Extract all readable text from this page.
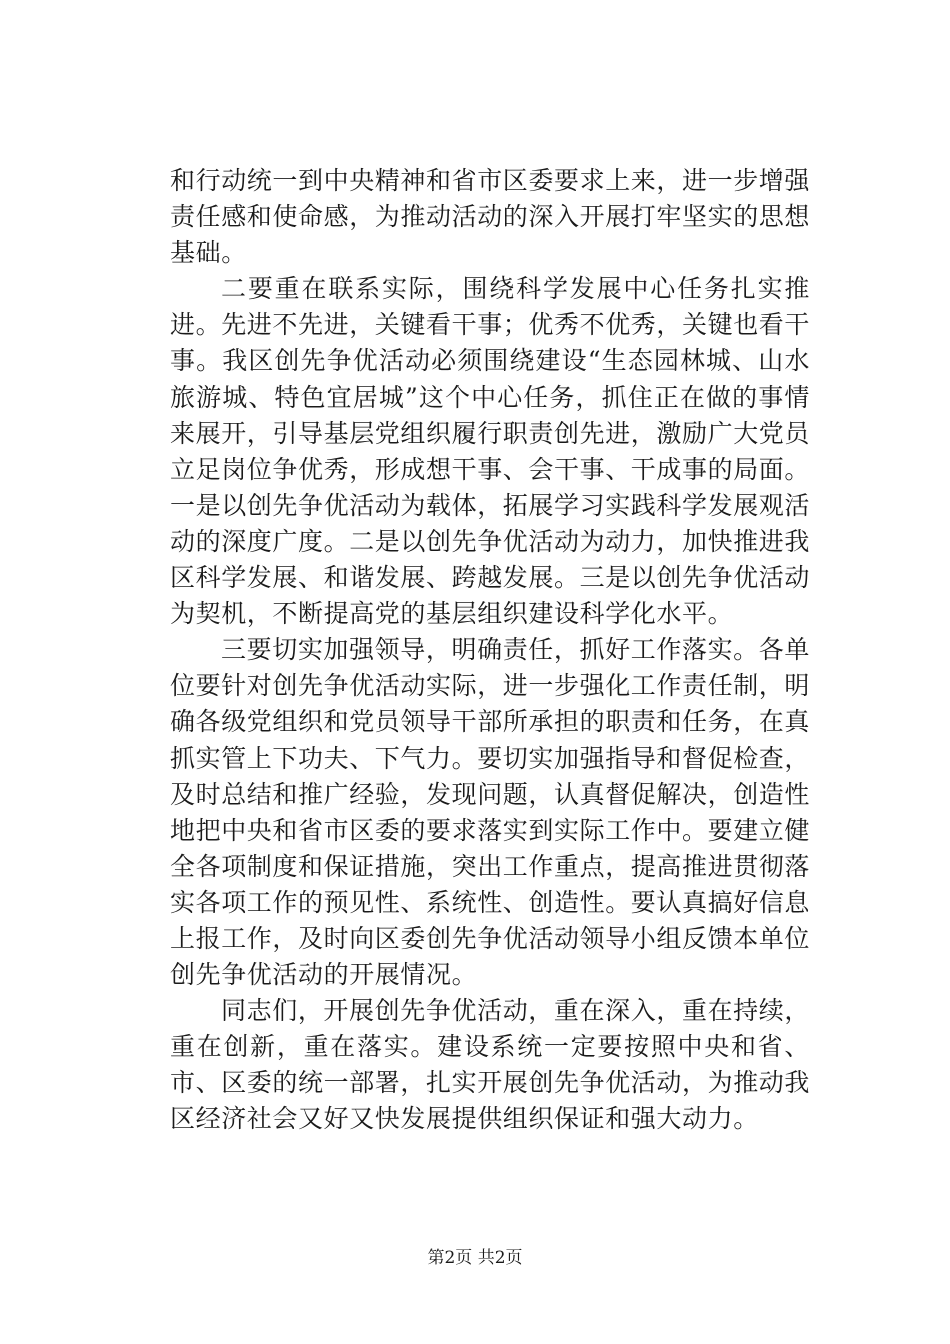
和行动统一到中央精神和省市区委要求上来，进一步增强责任感和使命感，为推动活动的深入开展打牢坚实的思想基础。

二要重在联系实际，围绕科学发展中心任务扎实推进。先进不先进，关键看干事；优秀不优秀，关键也看干事。我区创先争优活动必须围绕建设“生态园林城、山水旅游城、特色宜居城”这个中心任务，抓住正在做的事情来展开，引导基层党组织履行职责创先进，激励广大党员立足岗位争优秀，形成想干事、会干事、干成事的局面。一是以创先争优活动为载体，拓展学习实践科学发展观活动的深度广度。二是以创先争优活动为动力，加快推进我区科学发展、和谐发展、跨越发展。三是以创先争优活动为契机，不断提高党的基层组织建设科学化水平。

三要切实加强领导，明确责任，抓好工作落实。各单位要针对创先争优活动实际，进一步强化工作责任制，明确各级党组织和党员领导干部所承担的职责和任务，在真抓实管上下功夫、下气力。要切实加强指导和督促检查，及时总结和推广经验，发现问题，认真督促解决，创造性地把中央和省市区委的要求落实到实际工作中。要建立健全各项制度和保证措施，突出工作重点，提高推进贯彻落实各项工作的预见性、系统性、创造性。要认真搞好信息上报工作，及时向区委创先争优活动领导小组反馈本单位创先争优活动的开展情况。

同志们，开展创先争优活动，重在深入，重在持续，重在创新，重在落实。建设系统一定要按照中央和省、市、区委的统一部署，扎实开展创先争优活动，为推动我区经济社会又好又快发展提供组织保证和强大动力。

第2页 共2页
